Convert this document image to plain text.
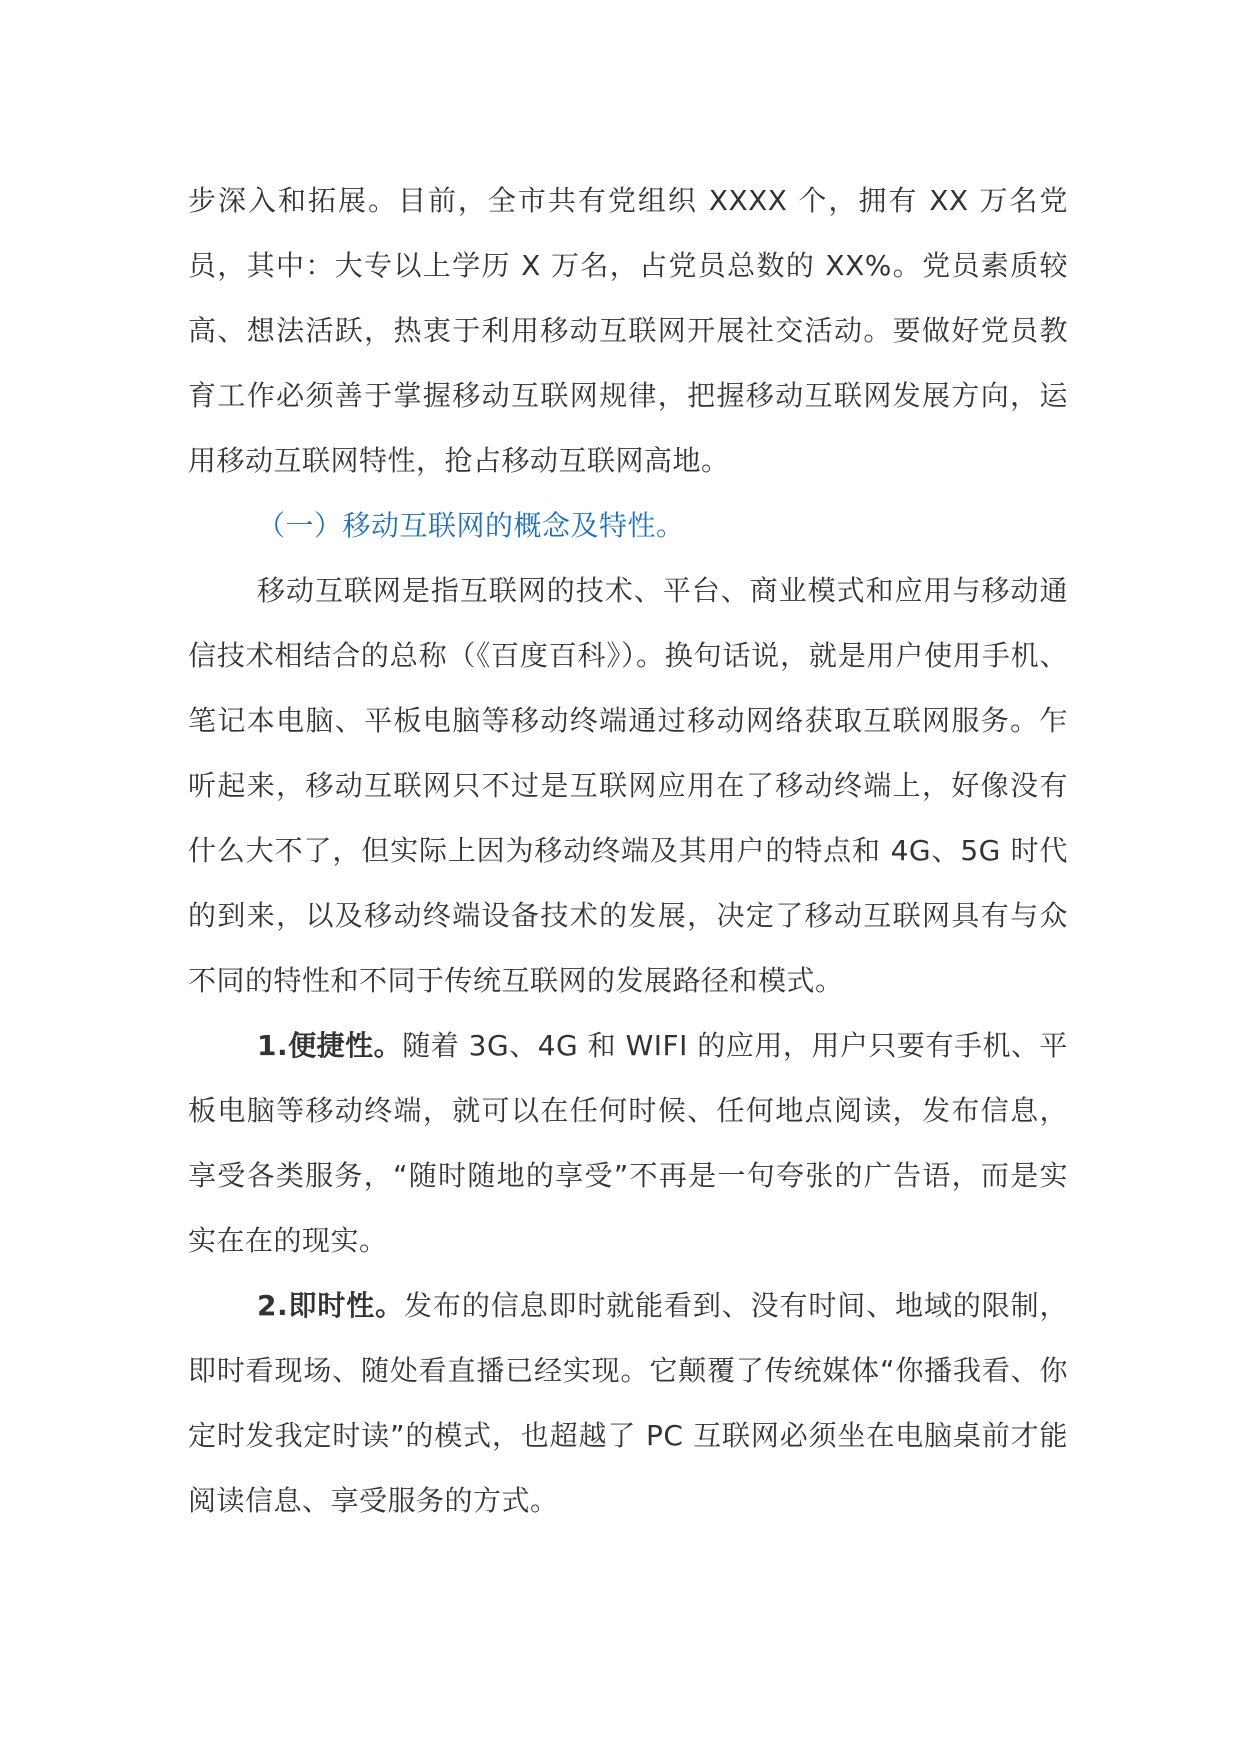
步深入和拓展。目前，全市共有党组织 XXXX 个，拥有 XX 万名党员，其中：大专以上学历 X 万名，占党员总数的 XX%。党员素质较高、想法活跃，热衷于利用移动互联网开展社交活动。要做好党员教育工作必须善于掌握移动互联网规律，把握移动互联网发展方向，运用移动互联网特性，抢占移动互联网高地。

（一）移动互联网的概念及特性。

移动互联网是指互联网的技术、平台、商业模式和应用与移动通信技术相结合的总称（《百度百科》）。换句话说，就是用户使用手机、笔记本电脑、平板电脑等移动终端通过移动网络获取互联网服务。乍听起来，移动互联网只不过是互联网应用在了移动终端上，好像没有什么大不了，但实际上因为移动终端及其用户的特点和 4G、5G 时代的到来，以及移动终端设备技术的发展，决定了移动互联网具有与众不同的特性和不同于传统互联网的发展路径和模式。

1.便捷性。随着 3G、4G 和 WIFI 的应用，用户只要有手机、平板电脑等移动终端，就可以在任何时候、任何地点阅读，发布信息，享受各类服务，“随时随地的享受”不再是一句夸张的广告语，而是实实在在的现实。

2.即时性。发布的信息即时就能看到、没有时间、地域的限制，即时看现场、随处看直播已经实现。它颠覆了传统媒体“你播我看、你定时发我定时读”的模式，也超越了 PC 互联网必须坐在电脑桌前才能阅读信息、享受服务的方式。
